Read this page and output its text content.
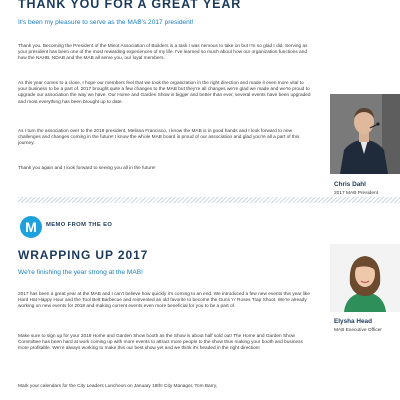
THANK YOU FOR A GREAT YEAR
It's been my pleasure to serve as the MAB's 2017 president!

Thank you. Becoming the President of the Minot Association of Builders is a task I was nervous to take on but I'm so glad I did. Serving as your president has been one of the most rewarding experiences of my life. I've learned so much about how our organization functions and how the NAHB, NDAB and the MAB all serve you, our loyal members.

As this year comes to a close, I hope our members feel that we took the organization in the right direction and made it even more vital to your business to be a part of. 2017 brought quite a few changes to the MAB but they're all changes we're glad we made and we're proud to upgrade our association the way we have. Our Home and Garden Show is bigger and better than ever, several events have been upgraded and most everything has been brought up to date.

As I turn the association over to the 2018 president, Melissa Francisco, I know the MAB is in good hands and I look forward to new challenges and changes coming in the future! I know the whole MAB board is proud of our association and glad you're all a part of this journey.

Thank you again and I look forward to seeing you all in the future!

Chris Dahl
2017 MAB President
M	MEMO FROM THE EO
WRAPPING UP 2017
We're finishing the year strong at the MAB!

2017 has been a great year at the MAB and I can't believe how quickly it's coming to an end. We introduced a few new events this year like Hard Hat Happy Hour and the Tool Belt Barbecue and reinvented an old favorite to become the Guns 'n' Roses Trap Shoot. We're already working on new events for 2018 and making current events even more beneficial for you to be a part of.

Make sure to sign up for your 2018 Home and Garden Show booth as the Show is about half sold out! The Home and Garden Show Committee has been hard at work coming up with more events to attract more people to the show thus making your booth and business more profitable. We're always working to make this our best show yet and we think it's headed in the right direction!

Mark your calendars for the City Leaders Luncheon on January 18th! City Manager, Tom Barry,

Elysha Head
MAB Executive Officer
